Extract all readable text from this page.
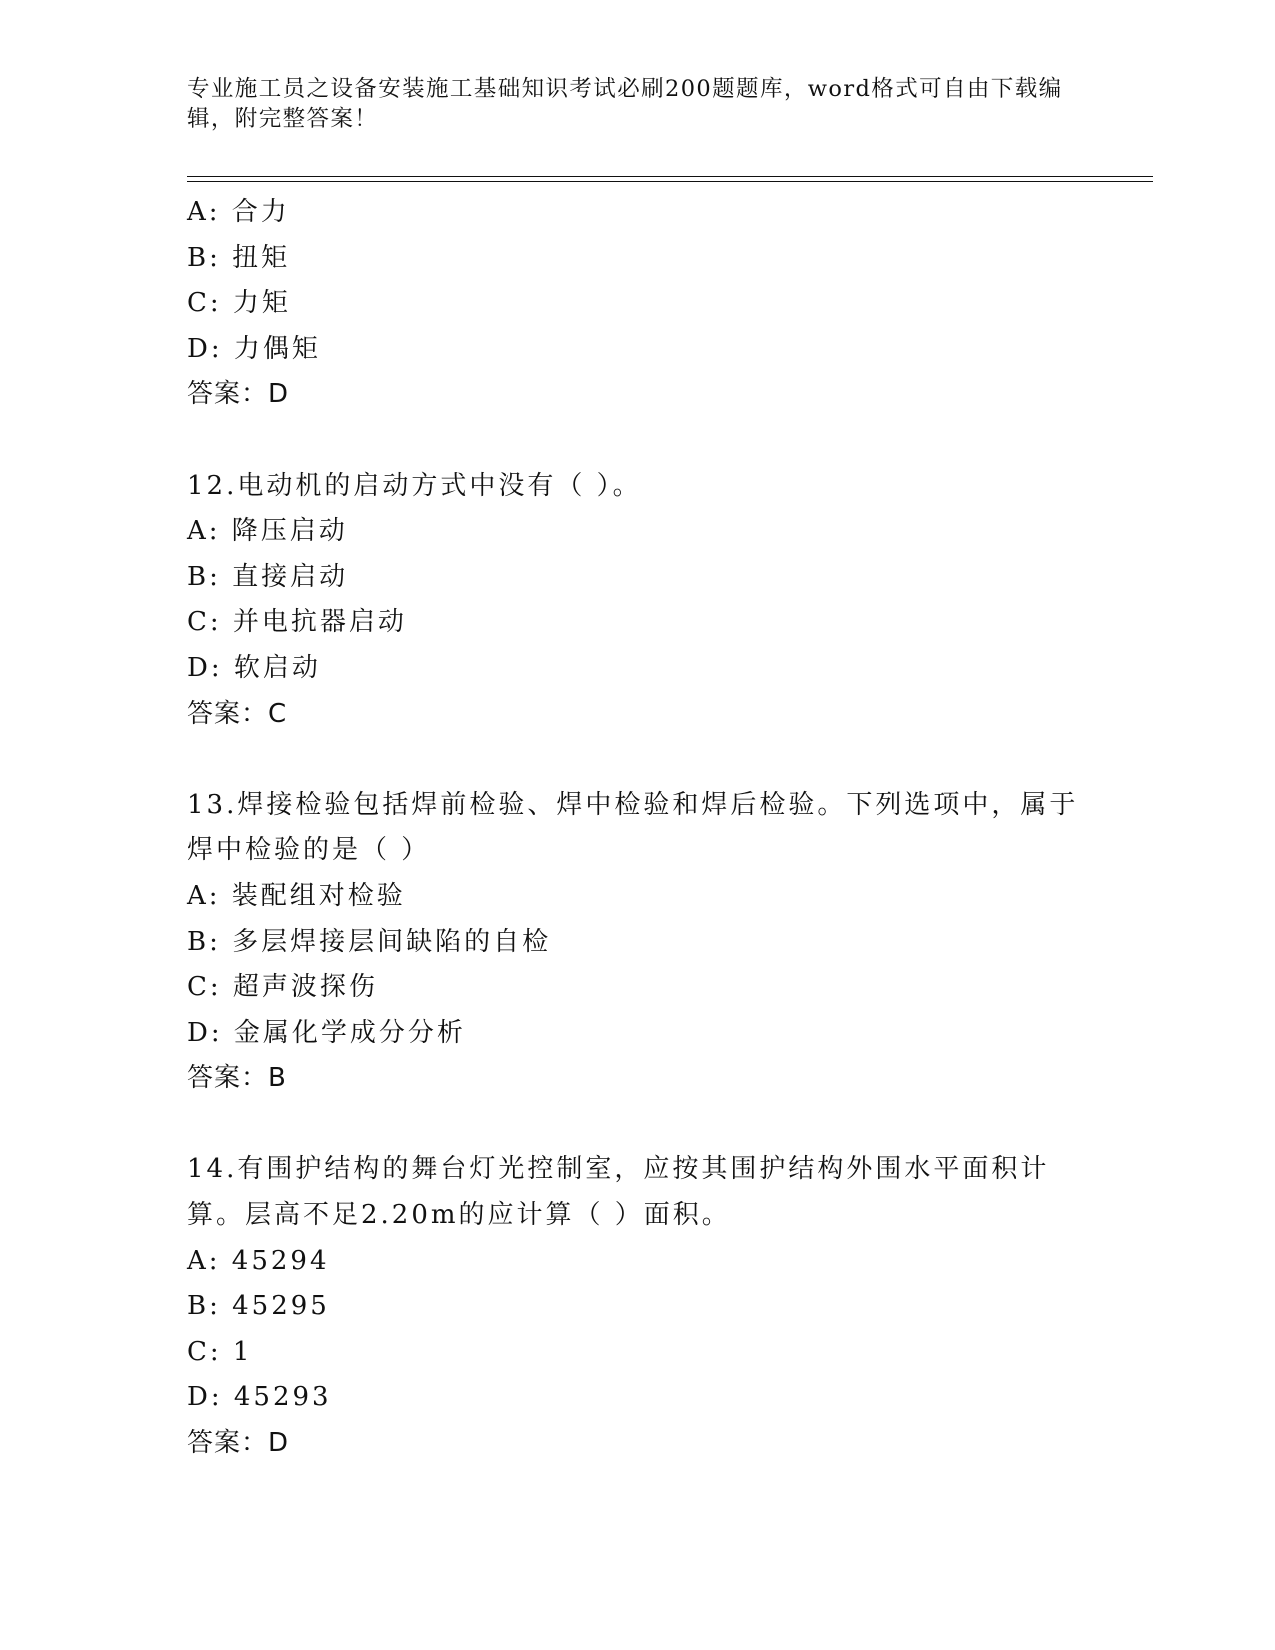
专业施工员之设备安装施工基础知识考试必刷200题题库，word格式可自由下载编辑，附完整答案！
A: 合力
B: 扭矩
C: 力矩
D: 力偶矩
答案：D
12.电动机的启动方式中没有（ ）。
A: 降压启动
B: 直接启动
C: 并电抗器启动
D: 软启动
答案：C
13.焊接检验包括焊前检验、焊中检验和焊后检验。下列选项中，属于焊中检验的是（ ）
A: 装配组对检验
B: 多层焊接层间缺陷的自检
C: 超声波探伤
D: 金属化学成分分析
答案：B
14.有围护结构的舞台灯光控制室，应按其围护结构外围水平面积计算。层高不足2.20m的应计算（ ）面积。
A: 45294
B: 45295
C: 1
D: 45293
答案：D
